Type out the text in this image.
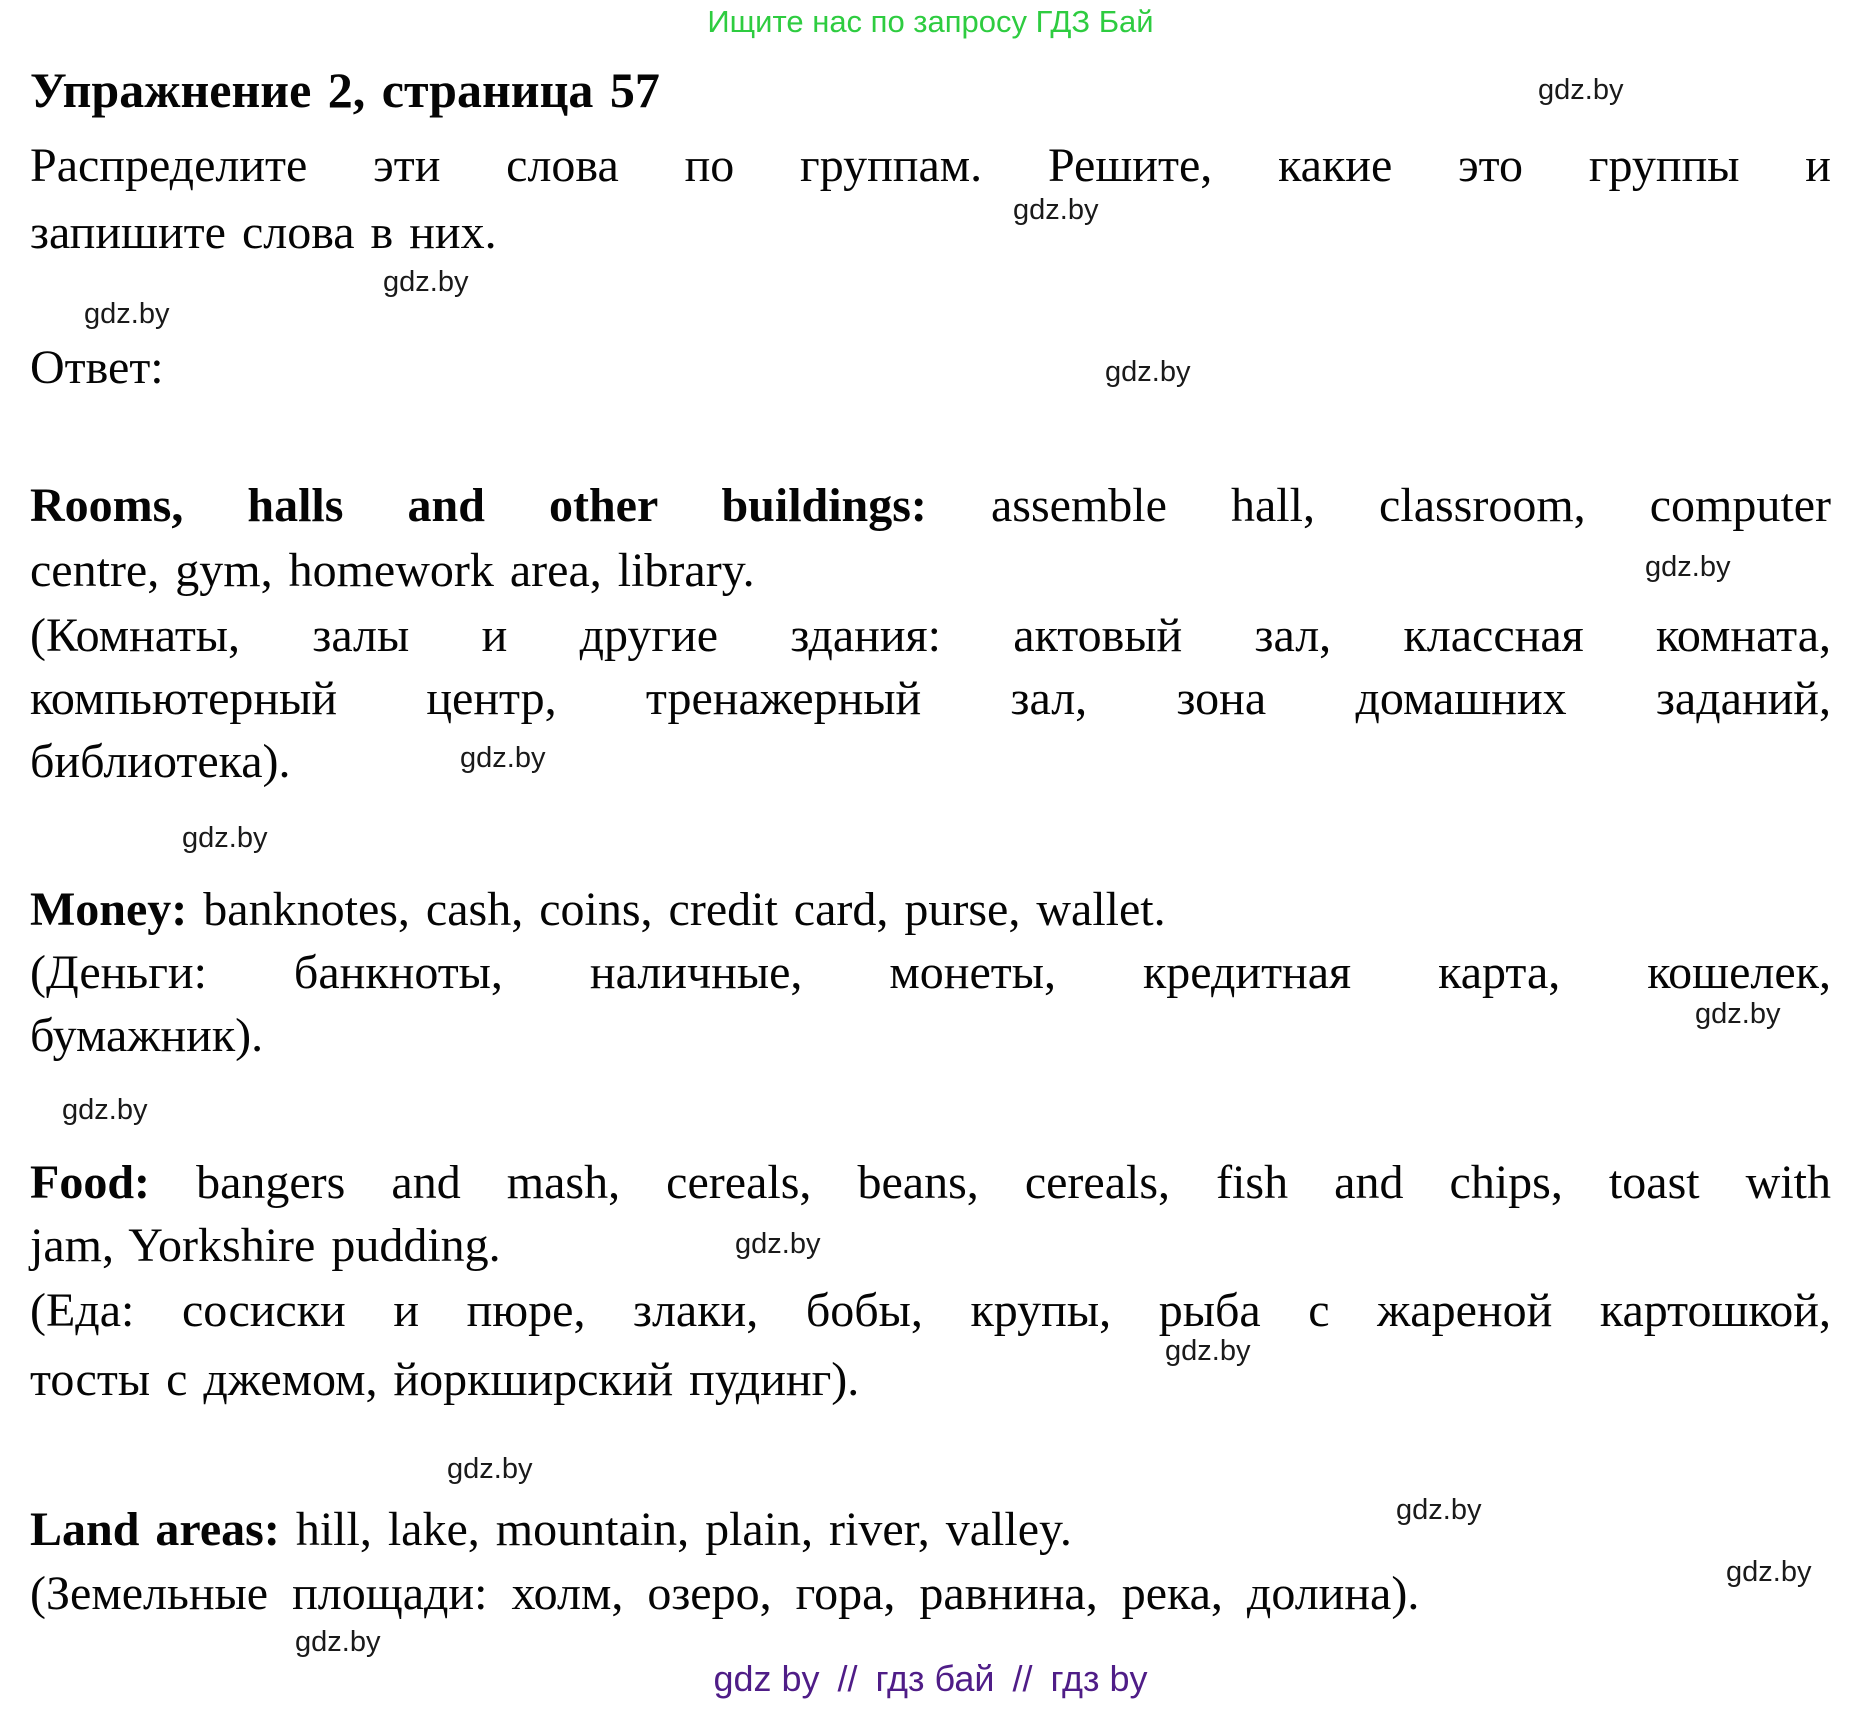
Ищите нас по запросу ГДЗ Бай
Упражнение 2, страница 57	gdz.by
Распределите эти слова по группам. Решите, какие это группы и
gdz.by
запишите слова в них.
gdz.by
gdz.by
Ответ:	gdz.by
Rooms, halls and other buildings: assemble hall, classroom, computer
centre, gym, homework area, library.	gdz.by
(Комнаты, залы и другие здания: актовый зал, классная комната,
компьютерный центр, тренажерный зал, зона домашних заданий,
библиотека).	gdz.by
gdz.by
Money: banknotes, cash, coins, credit card, purse, wallet.
(Деньги: банкноты, наличные, монеты, кредитная карта, кошелек,
бумажник).	gdz.by
gdz.by
Food: bangers and mash, cereals, beans, cereals, fish and chips, toast with
jam, Yorkshire pudding.	gdz.by
(Еда: сосиски и пюре, злаки, бобы, крупы, рыба с жареной картошкой,
gdz.by
тосты с джемом, йоркширский пудинг).
gdz.by
Land areas: hill, lake, mountain, plain, river, valley.	gdz.by
(Земельные площади: холм, озеро, гора, равнина, река, долина).	gdz.by
gdz.by
gdz by // гдз бай // гдз by
